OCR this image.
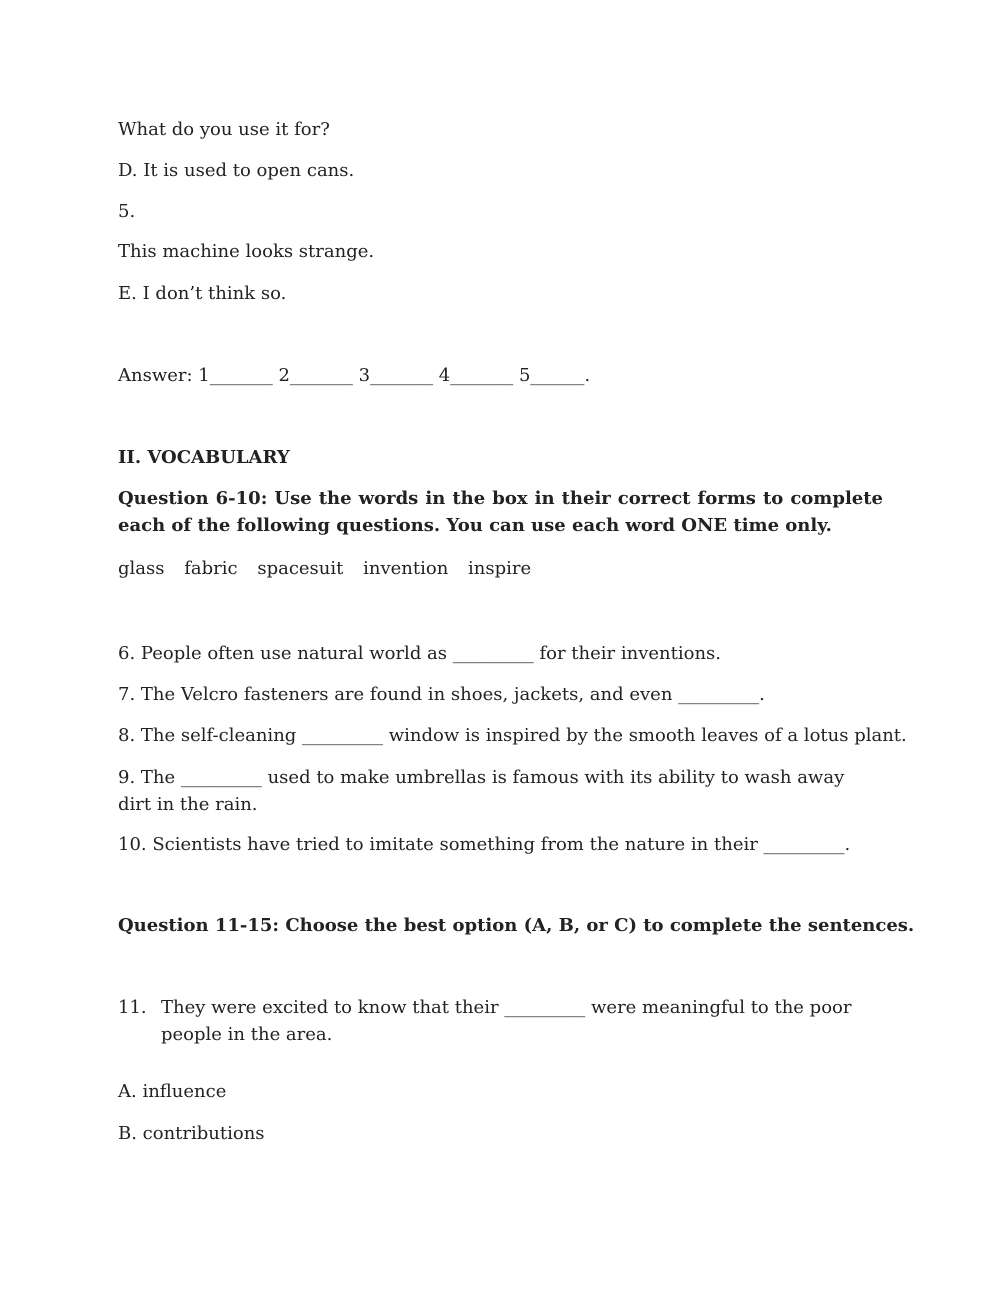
What do you use it for?
D. It is used to open cans.
5.
This machine looks strange.
E. I don’t think so.
Answer: 1_______ 2_______ 3_______ 4_______ 5______.
II. VOCABULARY
Question 6-10: Use the words in the box in their correct forms to complete each of the following questions. You can use each word ONE time only.
glass fabric spacesuit invention inspire
6. People often use natural world as _________ for their inventions.
7. The Velcro fasteners are found in shoes, jackets, and even _________.
8. The self-cleaning _________ window is inspired by the smooth leaves of a lotus plant.
9. The _________ used to make umbrellas is famous with its ability to wash away dirt in the rain.
10. Scientists have tried to imitate something from the nature in their _________.
Question 11-15: Choose the best option (A, B, or C) to complete the sentences.
11. They were excited to know that their _________ were meaningful to the poor people in the area.
A. influence
B. contributions
